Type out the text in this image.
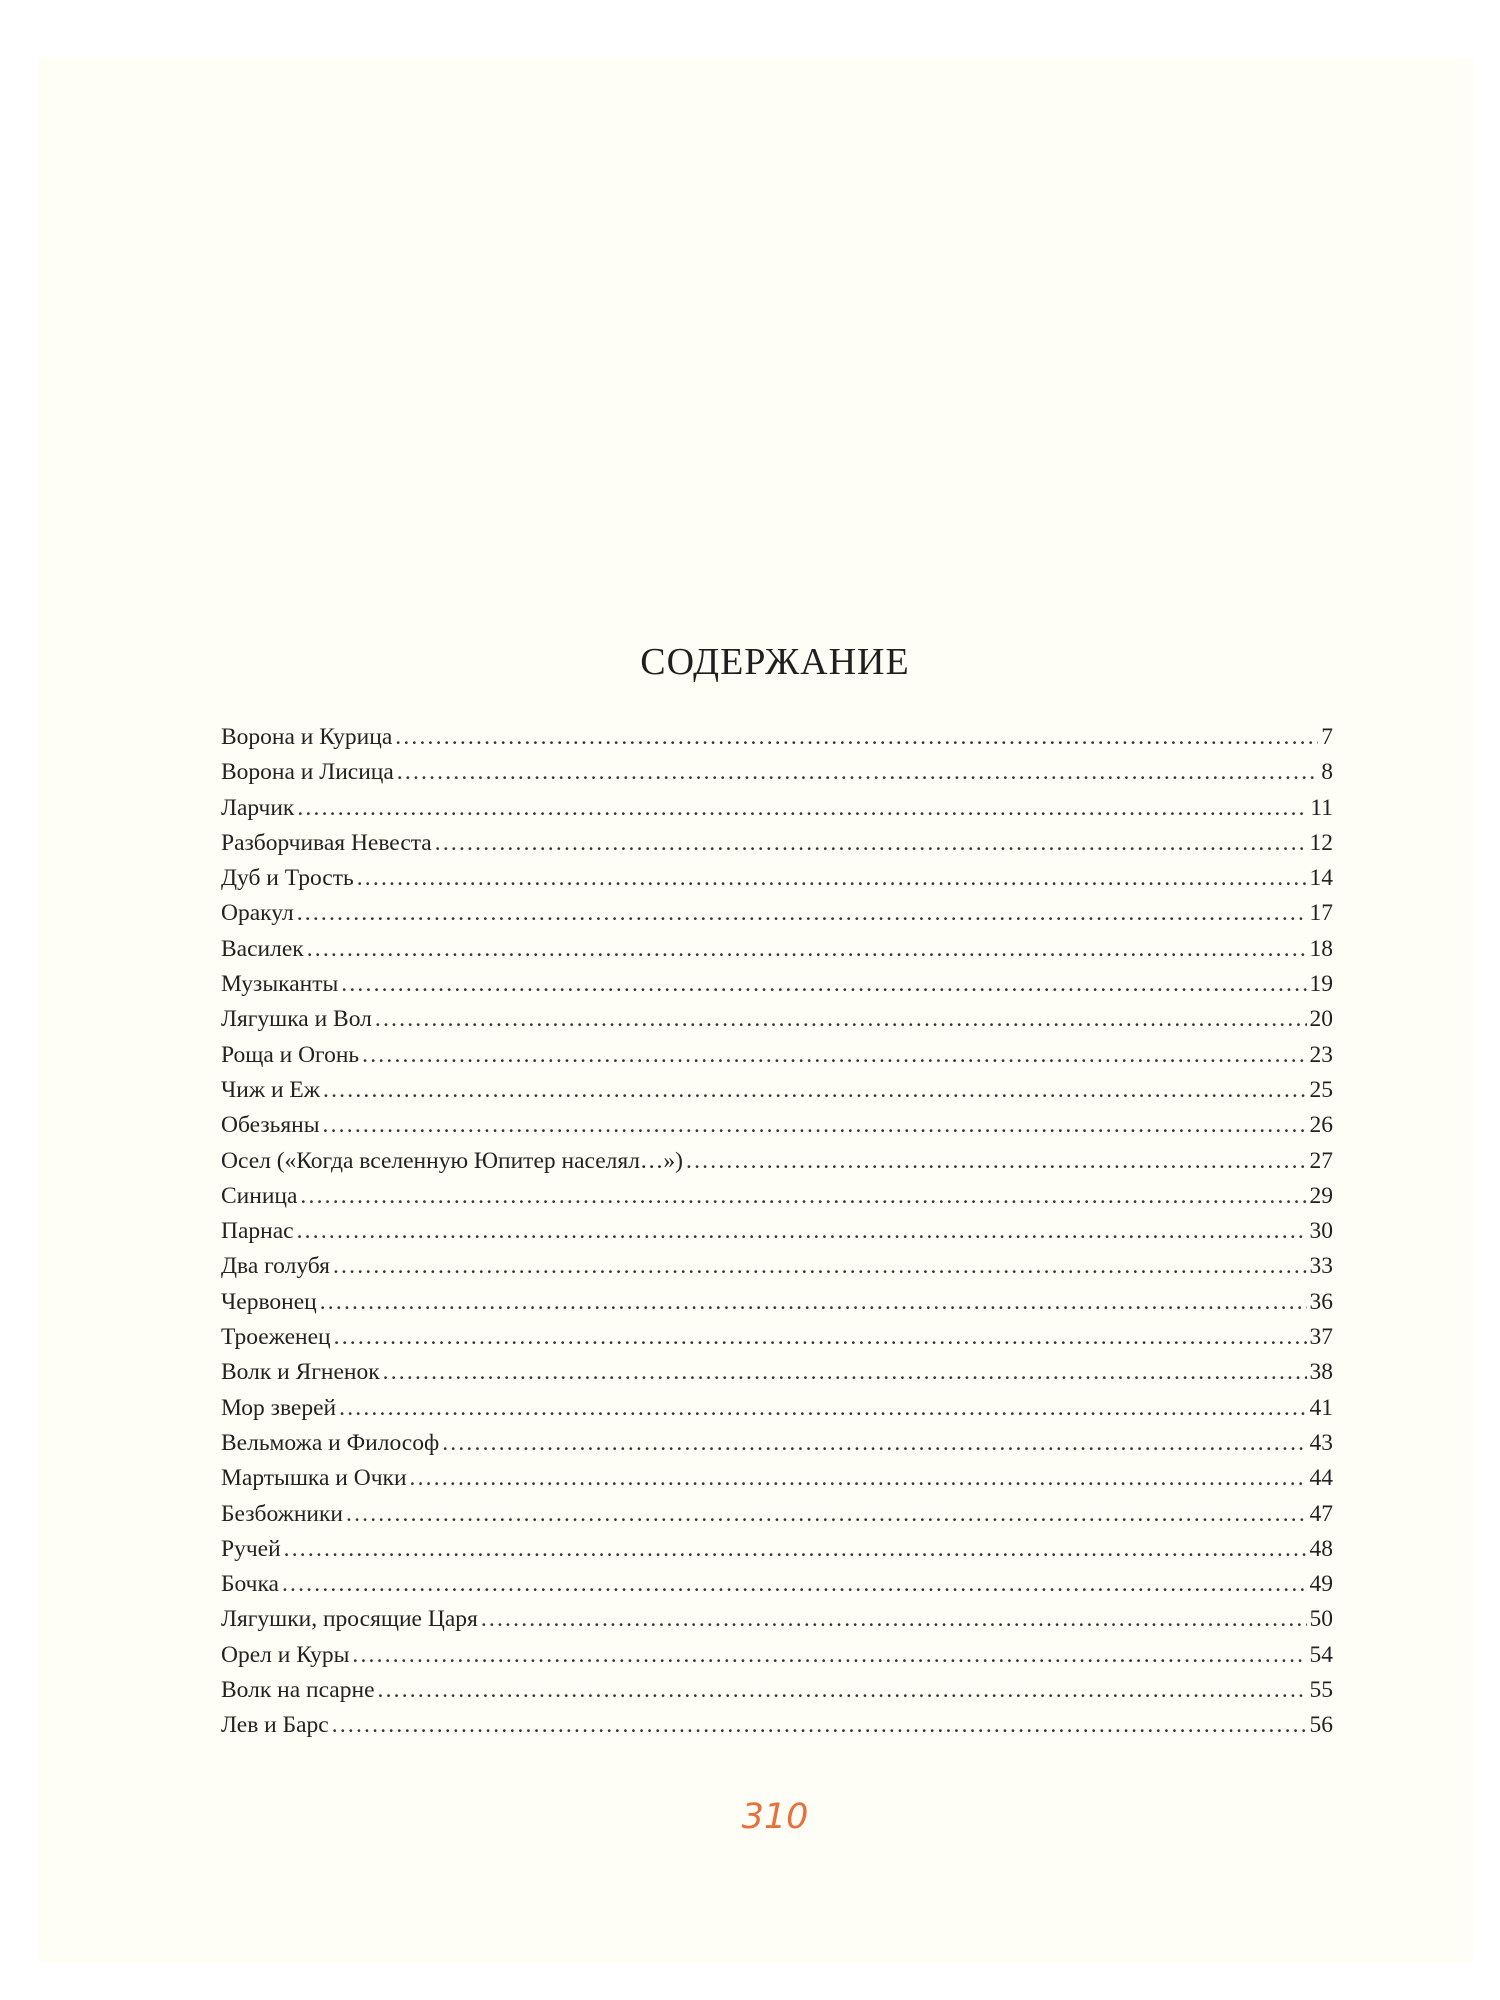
СОДЕРЖАНИЕ
Ворона и Курица .....	7
Ворона и Лисица .....	8
Ларчик .....	11
Разборчивая Невеста .....	12
Дуб и Трость .....	14
Оракул .....	17
Василек .....	18
Музыканты .....	19
Лягушка и Вол .....	20
Роща и Огонь .....	23
Чиж и Еж .....	25
Обезьяны .....	26
Осел («Когда вселенную Юпитер населял…») .....	27
Синица .....	29
Парнас .....	30
Два голубя .....	33
Червонец .....	36
Троеженец .....	37
Волк и Ягненок .....	38
Мор зверей .....	41
Вельможа и Философ .....	43
Мартышка и Очки .....	44
Безбожники .....	47
Ручей .....	48
Бочка .....	49
Лягушки, просящие Царя .....	50
Орел и Куры .....	54
Волк на псарне .....	55
Лев и Барс .....	56
310
